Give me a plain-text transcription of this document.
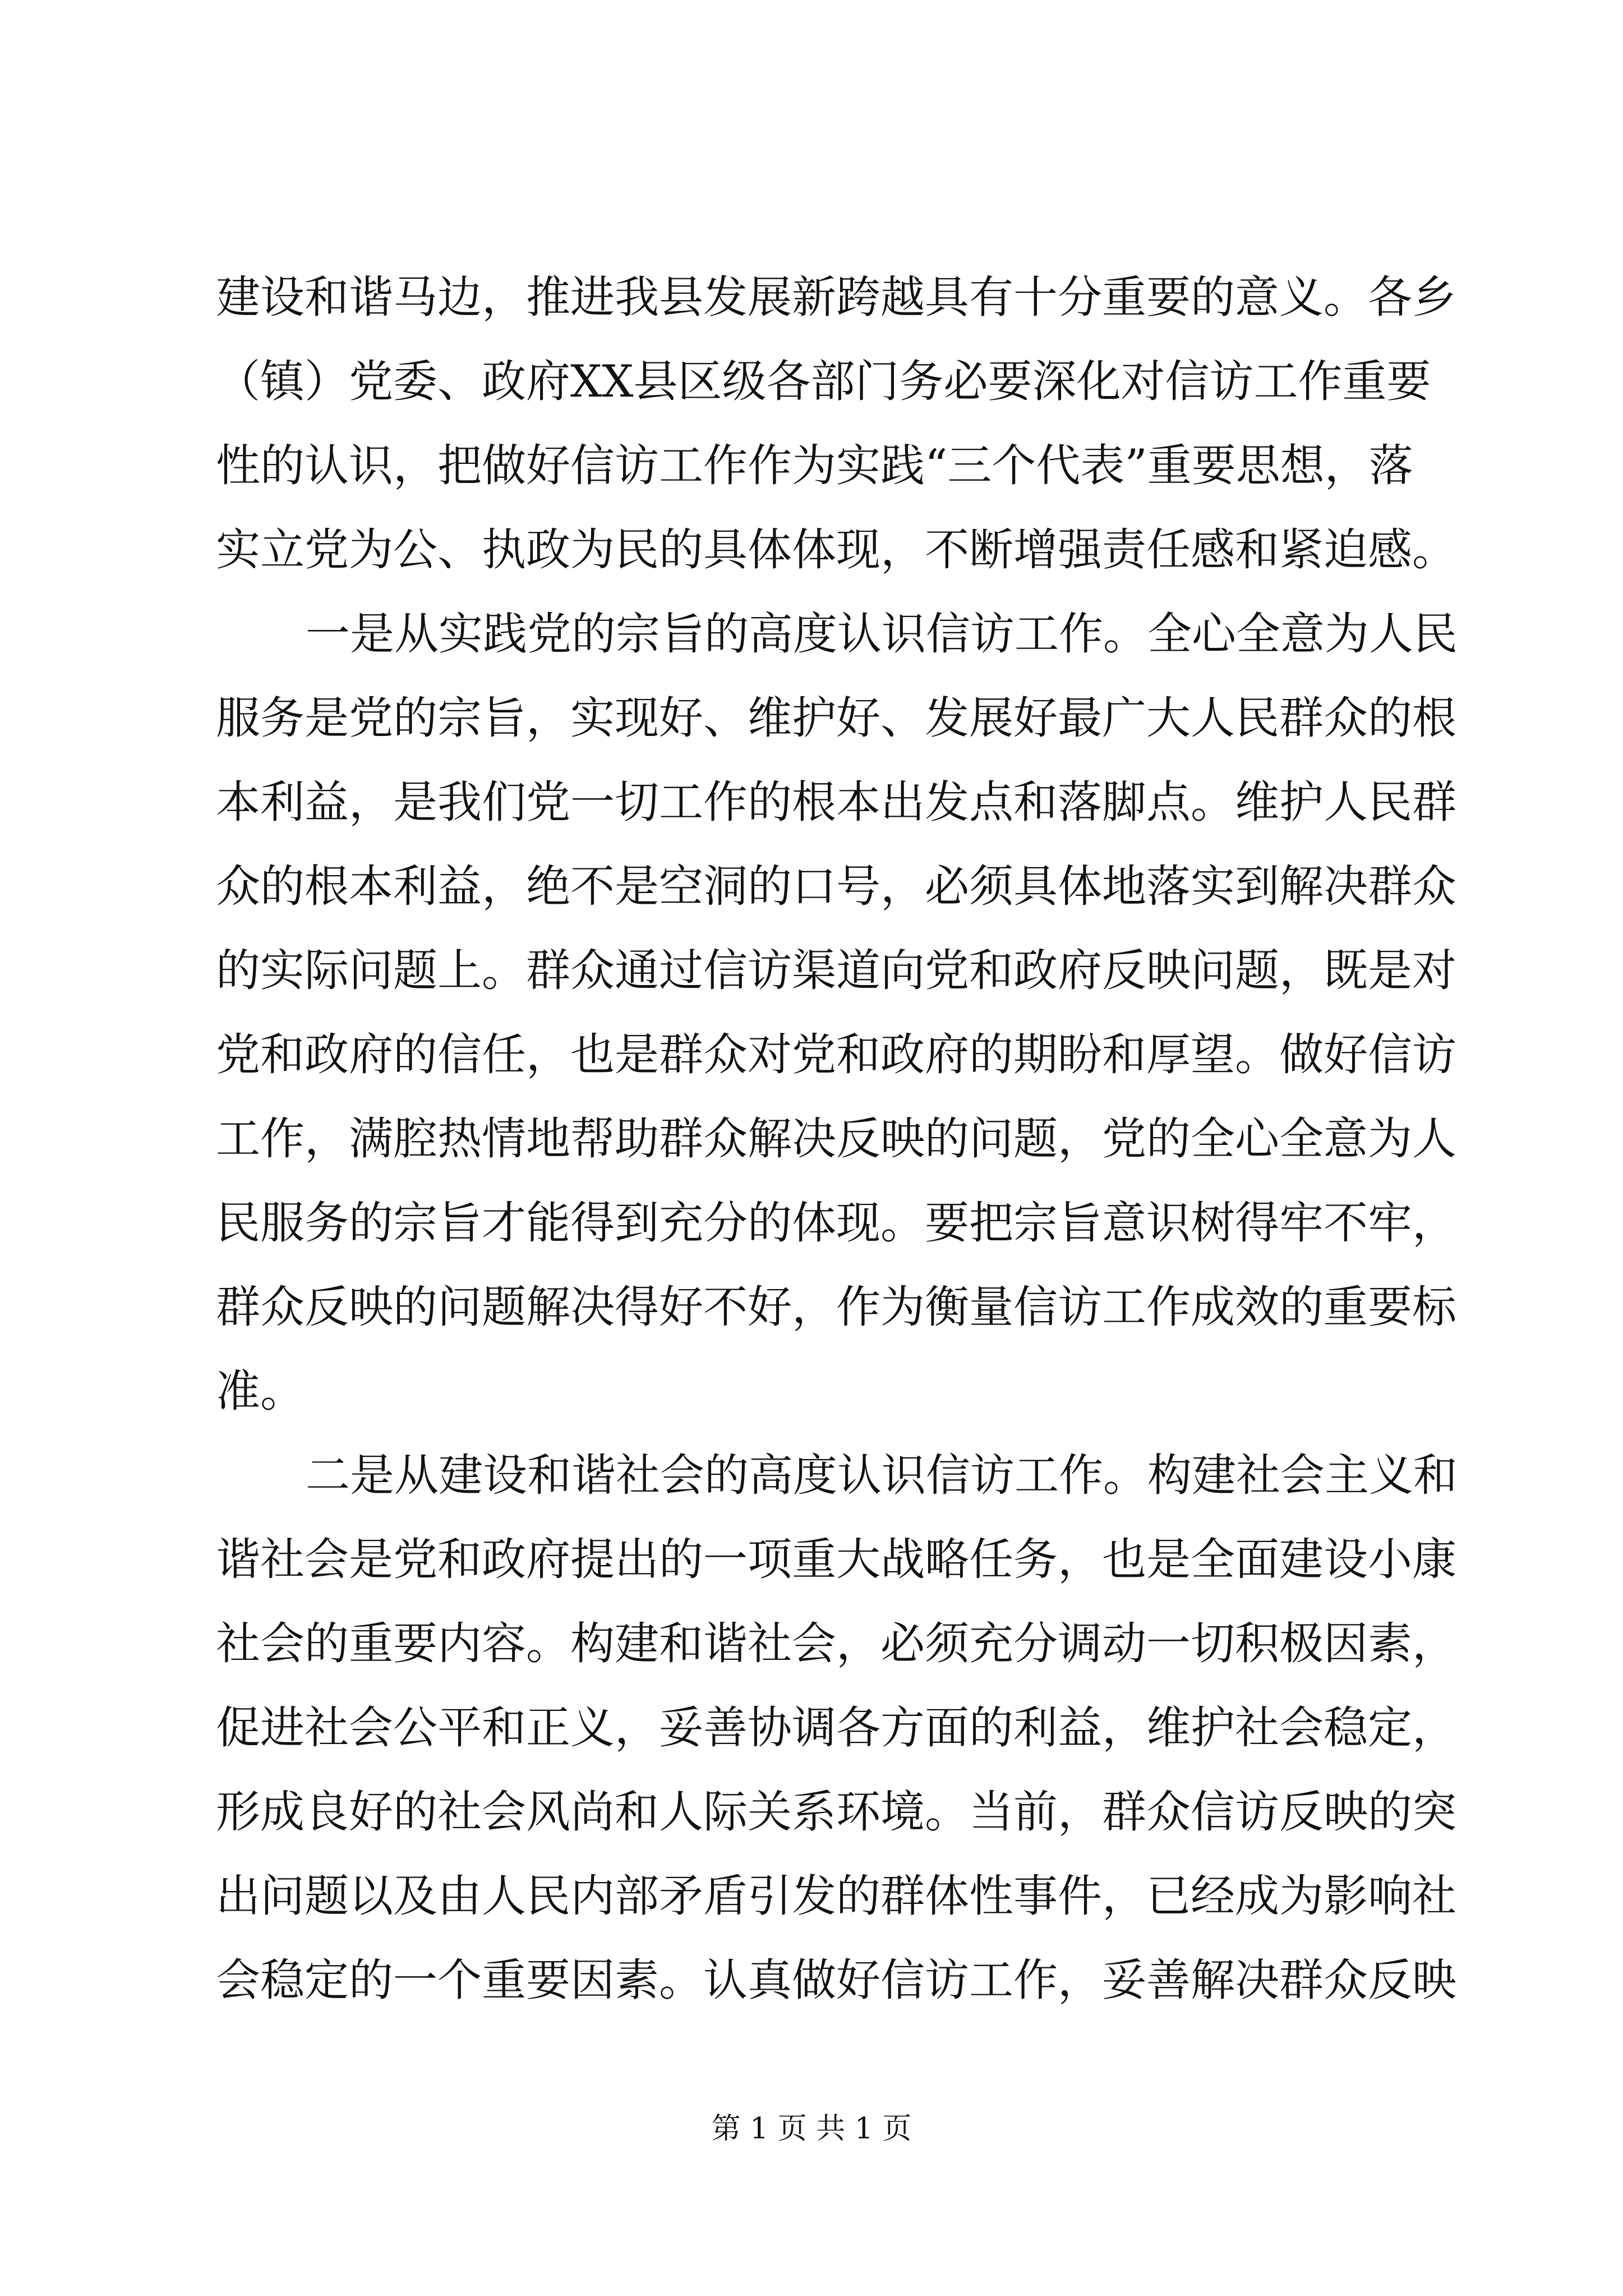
建设和谐马边，推进我县发展新跨越具有十分重要的意义。各乡
（镇）党委、政府XX县区级各部门务必要深化对信访工作重要
性的认识，把做好信访工作作为实践“三个代表”重要思想，落
实立党为公、执政为民的具体体现，不断增强责任感和紧迫感。
一是从实践党的宗旨的高度认识信访工作。全心全意为人民
服务是党的宗旨，实现好、维护好、发展好最广大人民群众的根
本利益，是我们党一切工作的根本出发点和落脚点。维护人民群
众的根本利益，绝不是空洞的口号，必须具体地落实到解决群众
的实际问题上。群众通过信访渠道向党和政府反映问题，既是对
党和政府的信任，也是群众对党和政府的期盼和厚望。做好信访
工作，满腔热情地帮助群众解决反映的问题，党的全心全意为人
民服务的宗旨才能得到充分的体现。要把宗旨意识树得牢不牢，
群众反映的问题解决得好不好，作为衡量信访工作成效的重要标
准。
二是从建设和谐社会的高度认识信访工作。构建社会主义和
谐社会是党和政府提出的一项重大战略任务，也是全面建设小康
社会的重要内容。构建和谐社会，必须充分调动一切积极因素，
促进社会公平和正义，妥善协调各方面的利益，维护社会稳定，
形成良好的社会风尚和人际关系环境。当前，群众信访反映的突
出问题以及由人民内部矛盾引发的群体性事件，已经成为影响社
会稳定的一个重要因素。认真做好信访工作，妥善解决群众反映
第 1 页 共 1 页
